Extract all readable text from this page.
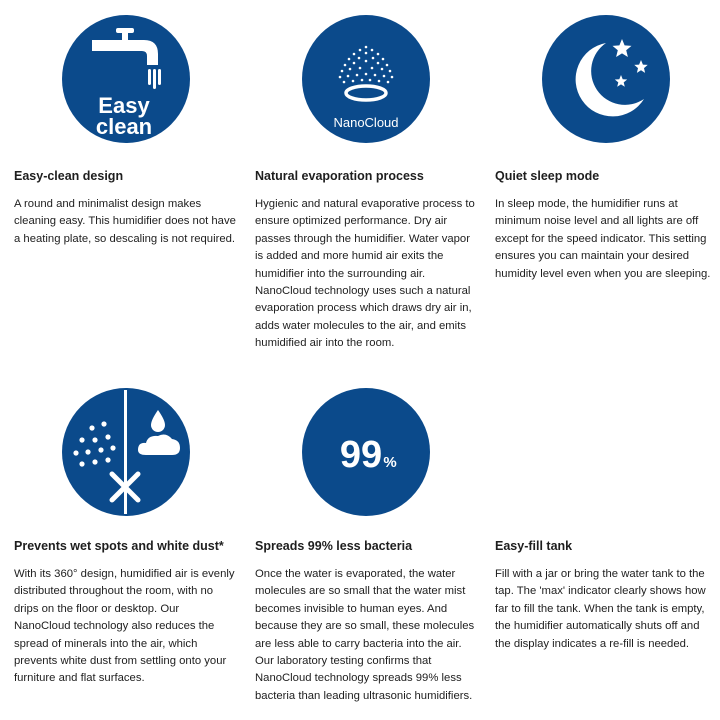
Easy
clean
Easy-clean design

A round and minimalist design makes cleaning easy. This humidifier does not have a heating plate, so descaling is not required.

NanoCloud
Natural evaporation process

Hygienic and natural evaporative process to ensure optimized performance. Dry air passes through the humidifier. Water vapor is added and more humid air exits the humidifier into the surrounding air. NanoCloud technology uses such a natural evaporation process which draws dry air in, adds water molecules to the air, and emits humidified air into the room.

Quiet sleep mode

In sleep mode, the humidifier runs at minimum noise level and all lights are off except for the speed indicator. This setting ensures you can maintain your desired humidity level even when you are sleeping.

Prevents wet spots and white dust*

With its 360° design, humidified air is evenly distributed throughout the room, with no drips on the floor or desktop. Our NanoCloud technology also reduces the spread of minerals into the air, which prevents white dust from settling onto your furniture and flat surfaces.

99 %
Spreads 99% less bacteria

Once the water is evaporated, the water molecules are so small that the water mist becomes invisible to human eyes. And because they are so small, these molecules are less able to carry bacteria into the air. Our laboratory testing confirms that NanoCloud technology spreads 99% less bacteria than leading ultrasonic humidifiers.

Easy-fill tank

Fill with a jar or bring the water tank to the tap. The 'max' indicator clearly shows how far to fill the tank. When the tank is empty, the humidifier automatically shuts off and the display indicates a re-fill is needed.
